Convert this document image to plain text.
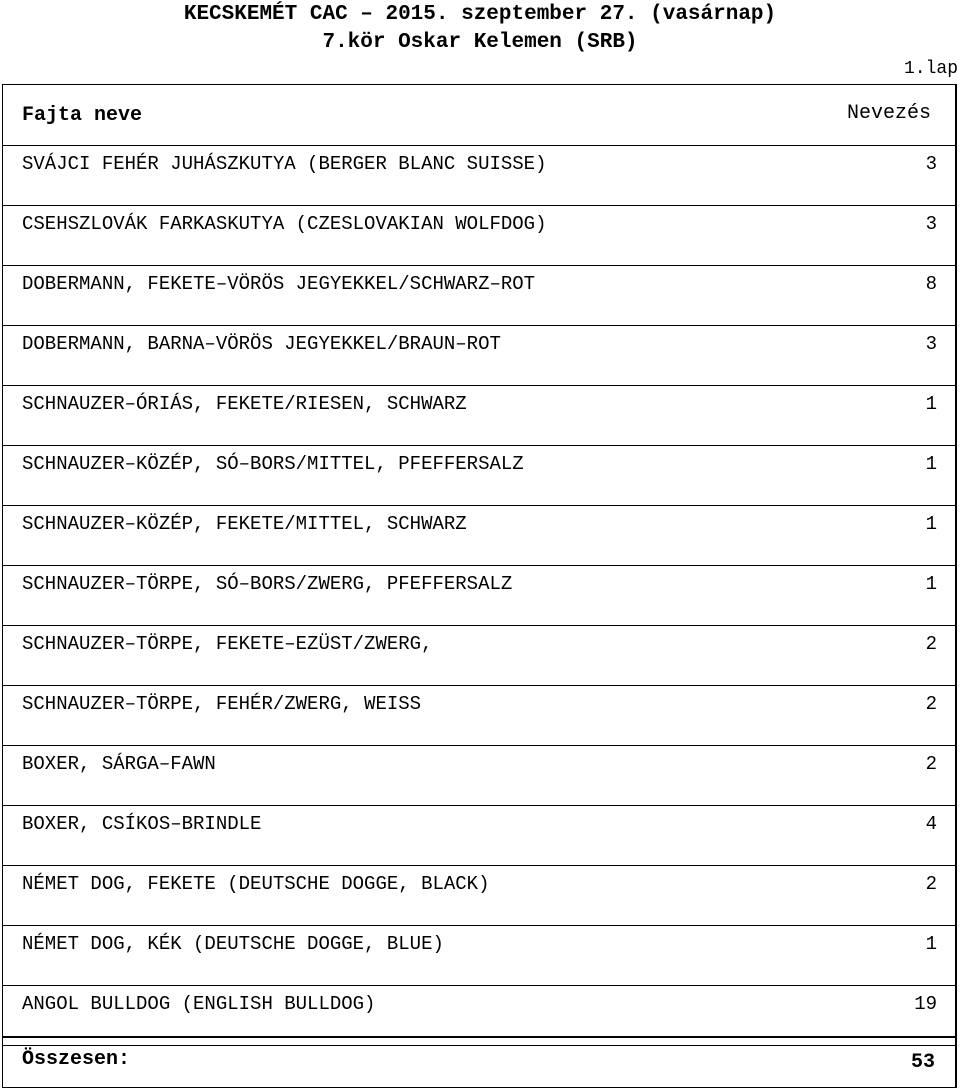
KECSKEMÉT CAC – 2015. szeptember 27. (vasárnap)
7.kör Oskar Kelemen (SRB)
1.lap
Fajta neve	Nevezés
SVÁJCI FEHÉR JUHÁSZKUTYA (BERGER BLANC SUISSE)	3
CSEHSZLOVÁK FARKASKUTYA (CZESLOVAKIAN WOLFDOG)	3
DOBERMANN, FEKETE–VÖRÖS JEGYEKKEL/SCHWARZ–ROT	8
DOBERMANN, BARNA–VÖRÖS JEGYEKKEL/BRAUN–ROT	3
SCHNAUZER–ÓRIÁS, FEKETE/RIESEN, SCHWARZ	1
SCHNAUZER–KÖZÉP, SÓ–BORS/MITTEL, PFEFFERSALZ	1
SCHNAUZER–KÖZÉP, FEKETE/MITTEL, SCHWARZ	1
SCHNAUZER–TÖRPE, SÓ–BORS/ZWERG, PFEFFERSALZ	1
SCHNAUZER–TÖRPE, FEKETE–EZÜST/ZWERG,	2
SCHNAUZER–TÖRPE, FEHÉR/ZWERG, WEISS	2
BOXER, SÁRGA–FAWN	2
BOXER, CSÍKOS–BRINDLE	4
NÉMET DOG, FEKETE (DEUTSCHE DOGGE, BLACK)	2
NÉMET DOG, KÉK (DEUTSCHE DOGGE, BLUE)	1
ANGOL BULLDOG (ENGLISH BULLDOG)	19
Összesen:	53
